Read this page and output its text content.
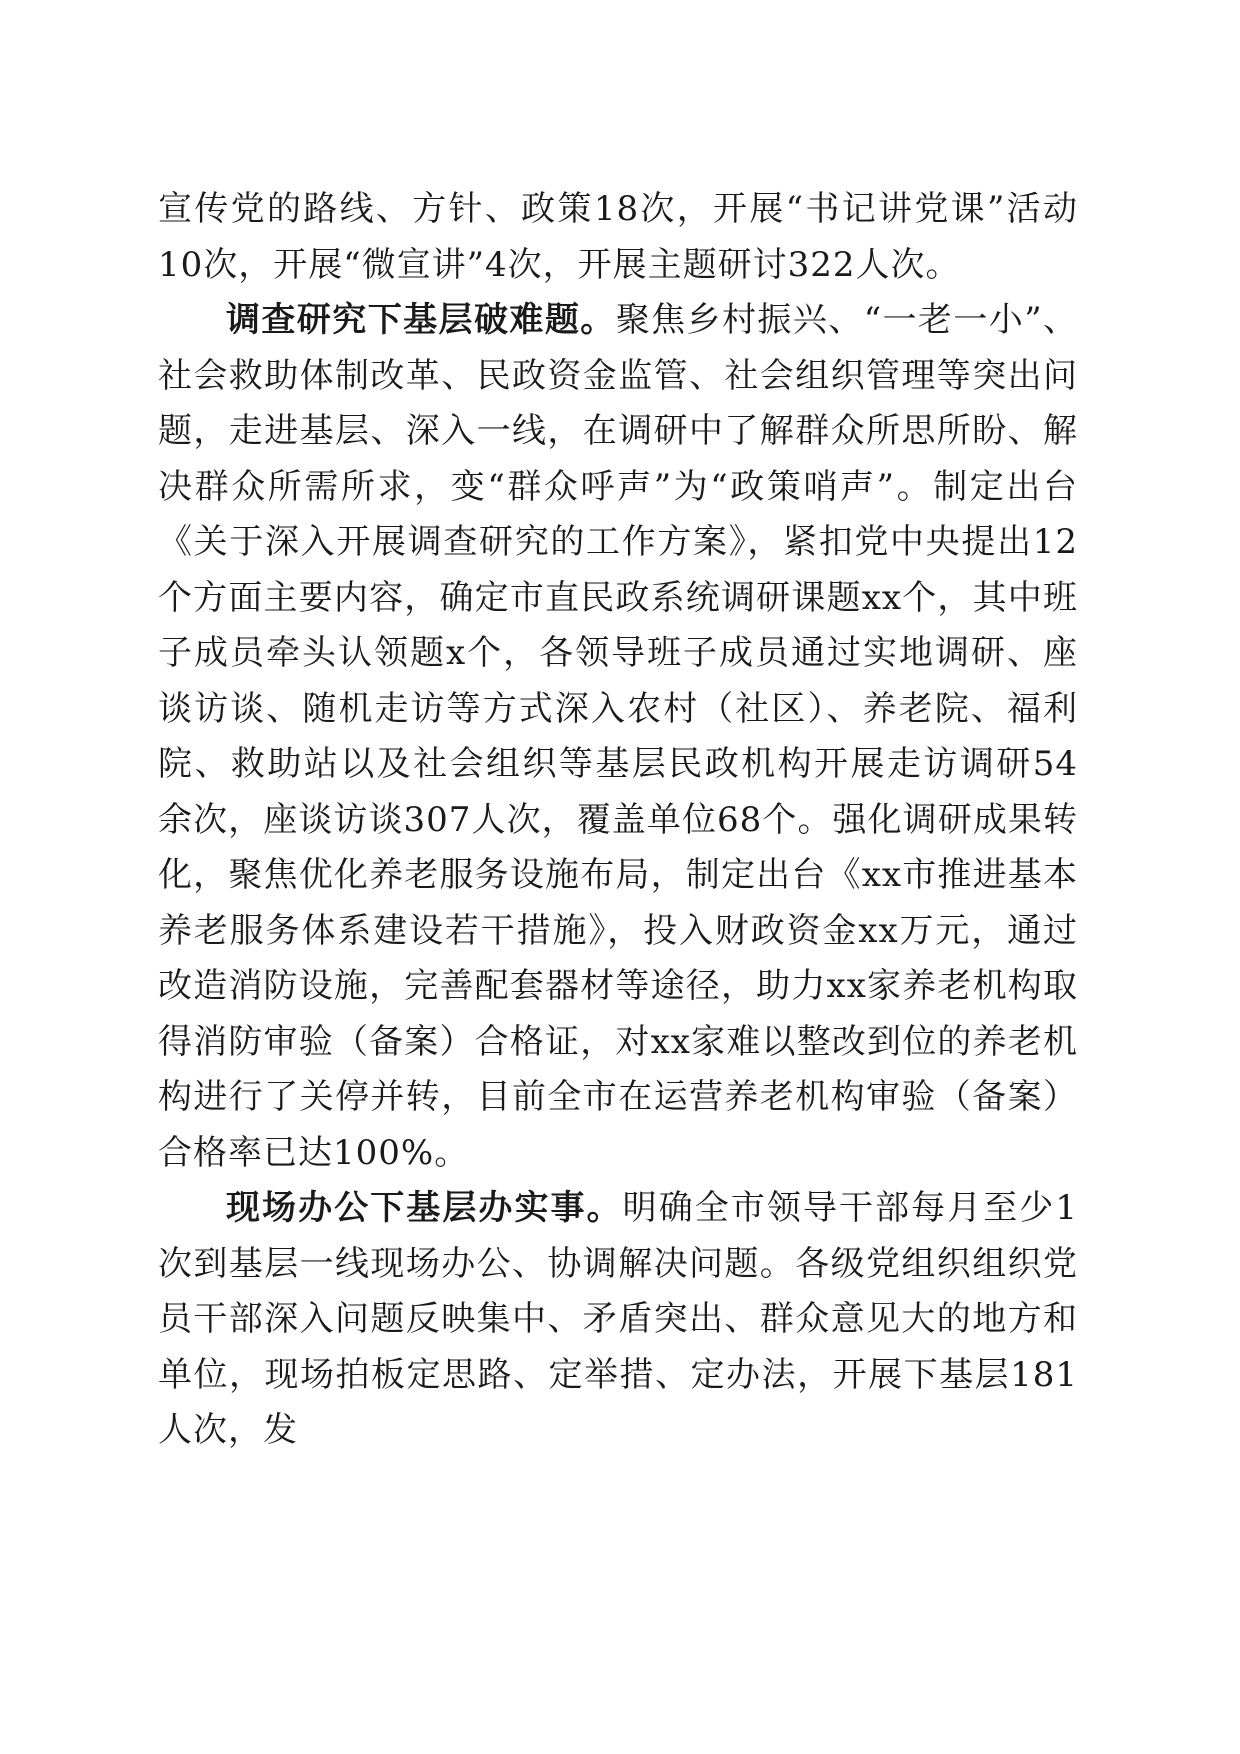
宣传党的路线、方针、政策18次，开展“书记讲党课”活动10次，开展“微宣讲”4次，开展主题研讨322人次。

调查研究下基层破难题。聚焦乡村振兴、“一老一小”、社会救助体制改革、民政资金监管、社会组织管理等突出问题，走进基层、深入一线，在调研中了解群众所思所盼、解决群众所需所求，变“群众呼声”为“政策哨声”。制定出台《关于深入开展调查研究的工作方案》，紧扣党中央提出12个方面主要内容，确定市直民政系统调研课题xx个，其中班子成员牵头认领题x个，各领导班子成员通过实地调研、座谈访谈、随机走访等方式深入农村（社区）、养老院、福利院、救助站以及社会组织等基层民政机构开展走访调研54余次，座谈访谈307人次，覆盖单位68个。强化调研成果转化，聚焦优化养老服务设施布局，制定出台《xx市推进基本养老服务体系建设若干措施》，投入财政资金xx万元，通过改造消防设施，完善配套器材等途径，助力xx家养老机构取得消防审验（备案）合格证，对xx家难以整改到位的养老机构进行了关停并转，目前全市在运营养老机构审验（备案）合格率已达100%。

现场办公下基层办实事。明确全市领导干部每月至少1次到基层一线现场办公、协调解决问题。各级党组织组织党员干部深入问题反映集中、矛盾突出、群众意见大的地方和单位，现场拍板定思路、定举措、定办法，开展下基层181人次，发
